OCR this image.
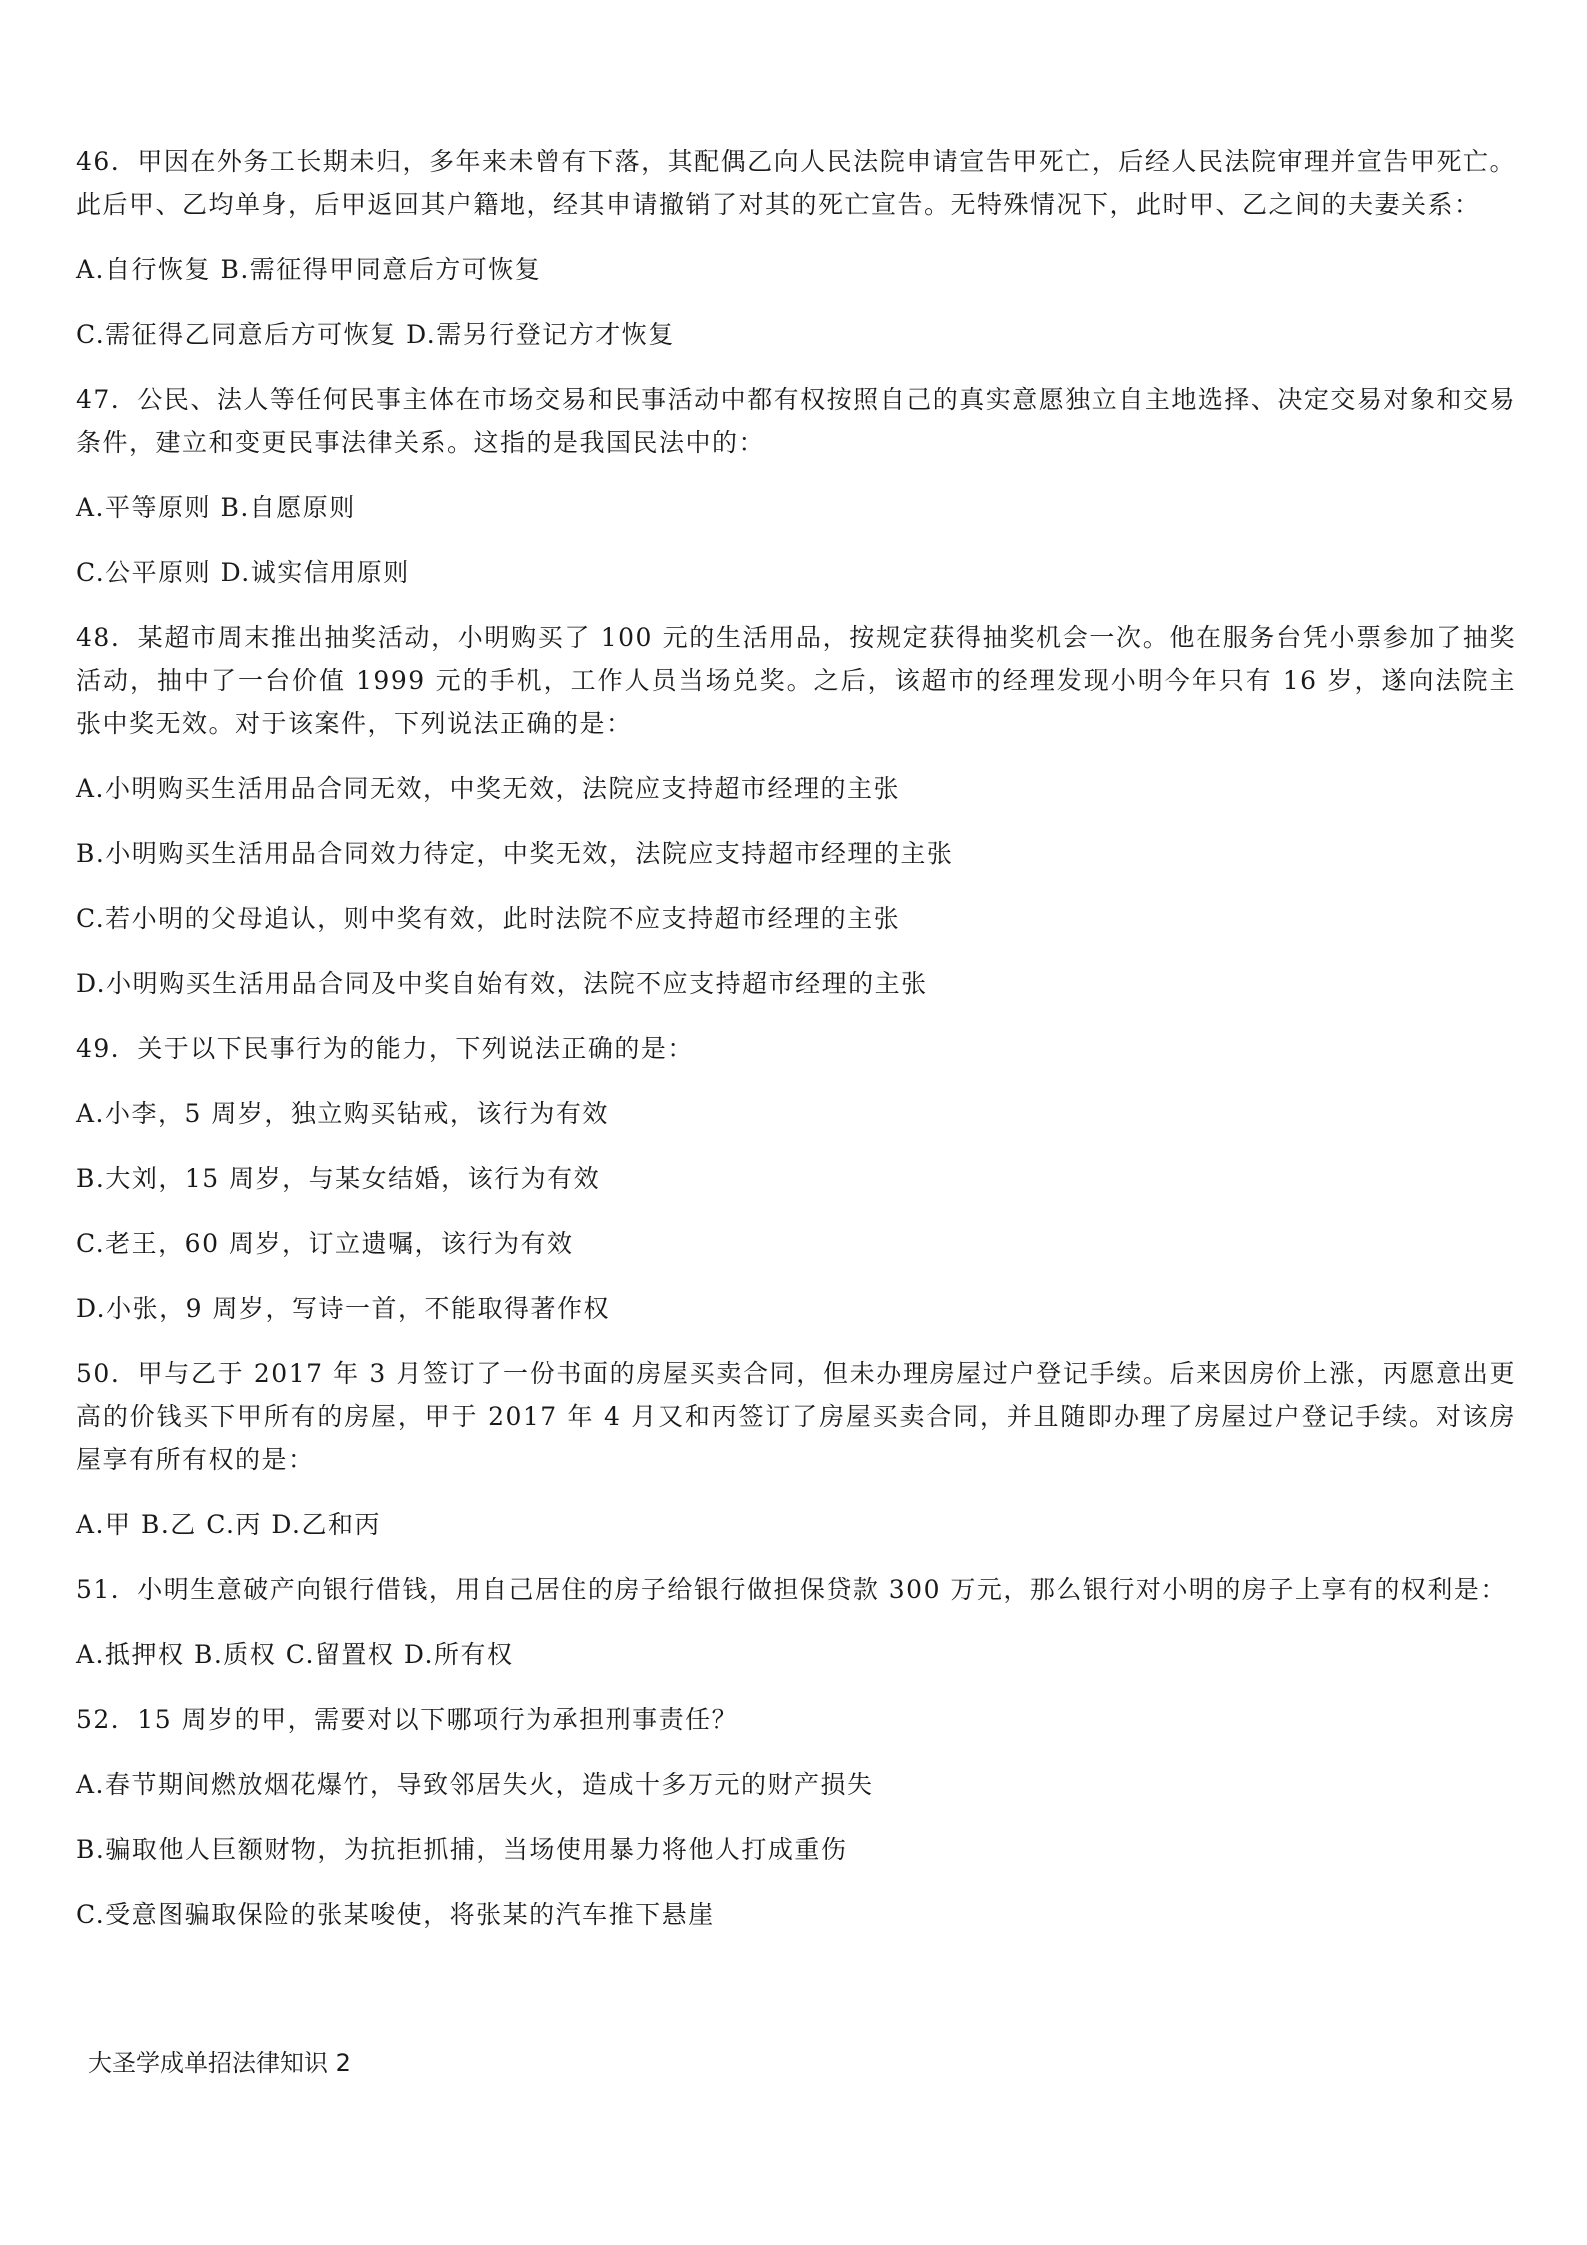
46．甲因在外务工长期未归，多年来未曾有下落，其配偶乙向人民法院申请宣告甲死亡，后经人民法院审理并宣告甲死亡。此后甲、乙均单身，后甲返回其户籍地，经其申请撤销了对其的死亡宣告。无特殊情况下，此时甲、乙之间的夫妻关系：

A.自行恢复 B.需征得甲同意后方可恢复

C.需征得乙同意后方可恢复 D.需另行登记方才恢复

47．公民、法人等任何民事主体在市场交易和民事活动中都有权按照自己的真实意愿独立自主地选择、决定交易对象和交易条件，建立和变更民事法律关系。这指的是我国民法中的：

A.平等原则 B.自愿原则

C.公平原则 D.诚实信用原则

48．某超市周末推出抽奖活动，小明购买了 100 元的生活用品，按规定获得抽奖机会一次。他在服务台凭小票参加了抽奖活动，抽中了一台价值 1999 元的手机，工作人员当场兑奖。之后，该超市的经理发现小明今年只有 16 岁，遂向法院主张中奖无效。对于该案件，下列说法正确的是：

A.小明购买生活用品合同无效，中奖无效，法院应支持超市经理的主张

B.小明购买生活用品合同效力待定，中奖无效，法院应支持超市经理的主张

C.若小明的父母追认，则中奖有效，此时法院不应支持超市经理的主张

D.小明购买生活用品合同及中奖自始有效，法院不应支持超市经理的主张

49．关于以下民事行为的能力，下列说法正确的是：

A.小李，5 周岁，独立购买钻戒，该行为有效

B.大刘，15 周岁，与某女结婚，该行为有效

C.老王，60 周岁，订立遗嘱，该行为有效

D.小张，9 周岁，写诗一首，不能取得著作权

50．甲与乙于 2017 年 3 月签订了一份书面的房屋买卖合同，但未办理房屋过户登记手续。后来因房价上涨，丙愿意出更高的价钱买下甲所有的房屋，甲于 2017 年 4 月又和丙签订了房屋买卖合同，并且随即办理了房屋过户登记手续。对该房屋享有所有权的是：

A.甲 B.乙 C.丙 D.乙和丙

51．小明生意破产向银行借钱，用自己居住的房子给银行做担保贷款 300 万元，那么银行对小明的房子上享有的权利是：

A.抵押权 B.质权 C.留置权 D.所有权

52．15 周岁的甲，需要对以下哪项行为承担刑事责任？

A.春节期间燃放烟花爆竹，导致邻居失火，造成十多万元的财产损失

B.骗取他人巨额财物，为抗拒抓捕，当场使用暴力将他人打成重伤

C.受意图骗取保险的张某唆使，将张某的汽车推下悬崖

大圣学成单招法律知识 2
